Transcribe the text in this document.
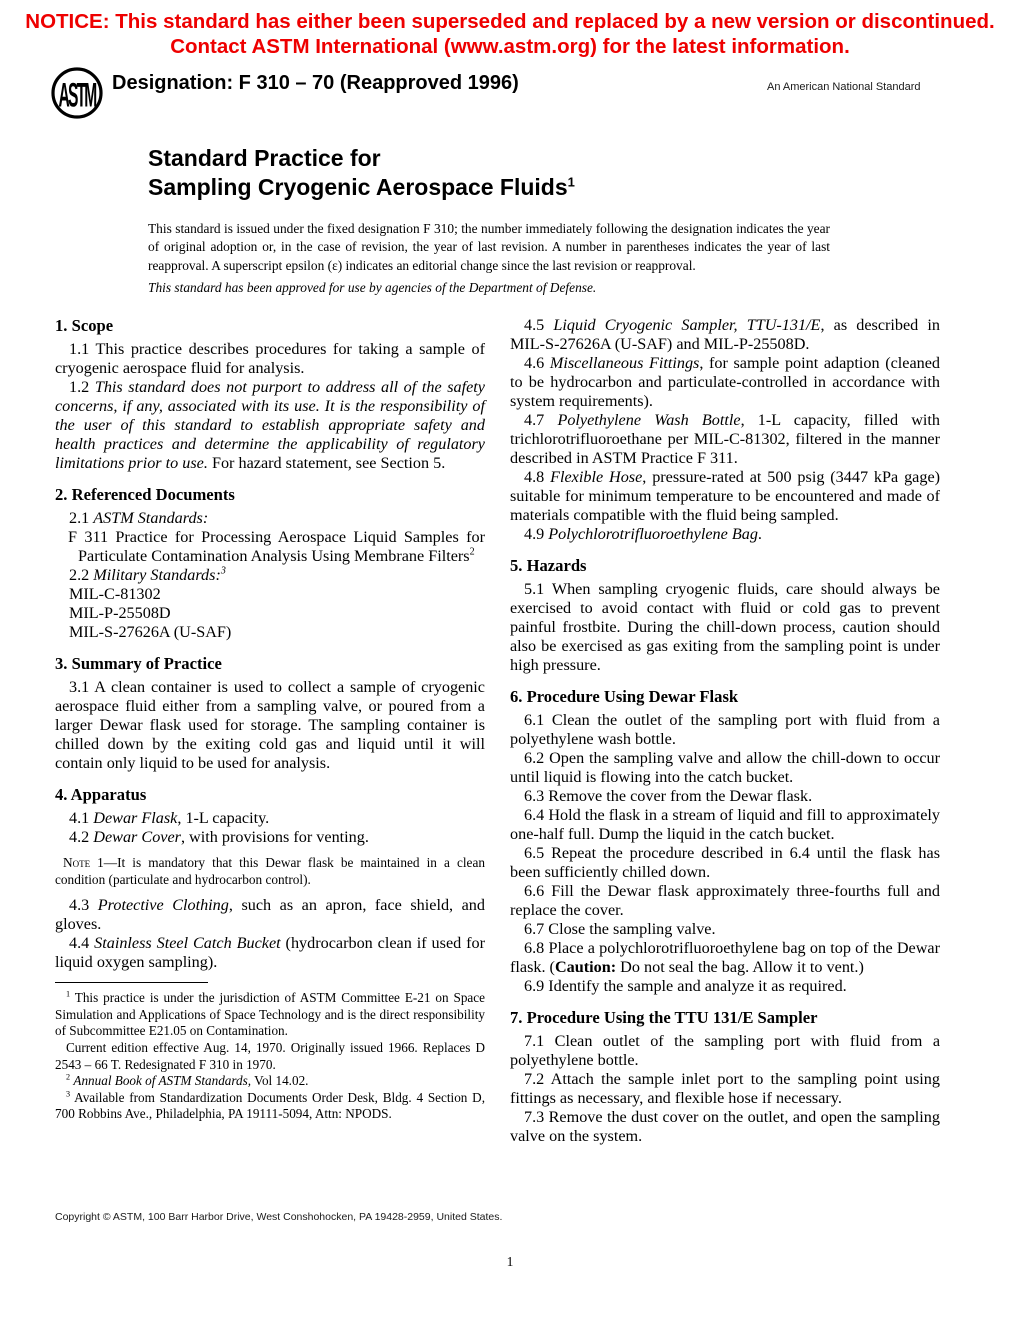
NOTICE: This standard has either been superseded and replaced by a new version or discontinued.
Contact ASTM International (www.astm.org) for the latest information.
ASTM Designation: F 310 – 70 (Reapproved 1996)	An American National Standard
Standard Practice for
Sampling Cryogenic Aerospace Fluids$^1$
This standard is issued under the fixed designation F 310; the number immediately following the designation indicates the year of original adoption or, in the case of revision, the year of last revision. A number in parentheses indicates the year of last reapproval. A superscript epsilon (ε) indicates an editorial change since the last revision or reapproval.
This standard has been approved for use by agencies of the Department of Defense.
1. Scope

1.1 This practice describes procedures for taking a sample of cryogenic aerospace fluid for analysis.

1.2 This standard does not purport to address all of the safety concerns, if any, associated with its use. It is the responsibility of the user of this standard to establish appropriate safety and health practices and determine the applicability of regulatory limitations prior to use. For hazard statement, see Section 5.

2. Referenced Documents

2.1 ASTM Standards:

F 311 Practice for Processing Aerospace Liquid Samples for Particulate Contamination Analysis Using Membrane Filters$^2$

2.2 Military Standards:$^3$

MIL-C-81302

MIL-P-25508D

MIL-S-27626A (U-SAF)

3. Summary of Practice

3.1 A clean container is used to collect a sample of cryogenic aerospace fluid either from a sampling valve, or poured from a larger Dewar flask used for storage. The sampling container is chilled down by the exiting cold gas and liquid until it will contain only liquid to be used for analysis.

4. Apparatus

4.1 Dewar Flask, 1-L capacity.

4.2 Dewar Cover, with provisions for venting.

Note 1—It is mandatory that this Dewar flask be maintained in a clean condition (particulate and hydrocarbon control).

4.3 Protective Clothing, such as an apron, face shield, and gloves.

4.4 Stainless Steel Catch Bucket (hydrocarbon clean if used for liquid oxygen sampling).

$^1$ This practice is under the jurisdiction of ASTM Committee E-21 on Space Simulation and Applications of Space Technology and is the direct responsibility of Subcommittee E21.05 on Contamination.

Current edition effective Aug. 14, 1970. Originally issued 1966. Replaces D 2543 – 66 T. Redesignated F 310 in 1970.

$^2$ Annual Book of ASTM Standards, Vol 14.02.

$^3$ Available from Standardization Documents Order Desk, Bldg. 4 Section D, 700 Robbins Ave., Philadelphia, PA 19111-5094, Attn: NPODS.

4.5 Liquid Cryogenic Sampler, TTU-131/E, as described in MIL-S-27626A (U-SAF) and MIL-P-25508D.

4.6 Miscellaneous Fittings, for sample point adaption (cleaned to be hydrocarbon and particulate-controlled in accordance with system requirements).

4.7 Polyethylene Wash Bottle, 1-L capacity, filled with trichlorotrifluoroethane per MIL-C-81302, filtered in the manner described in ASTM Practice F 311.

4.8 Flexible Hose, pressure-rated at 500 psig (3447 kPa gage) suitable for minimum temperature to be encountered and made of materials compatible with the fluid being sampled.

4.9 Polychlorotrifluoroethylene Bag.

5. Hazards

5.1 When sampling cryogenic fluids, care should always be exercised to avoid contact with fluid or cold gas to prevent painful frostbite. During the chill-down process, caution should also be exercised as gas exiting from the sampling point is under high pressure.

6. Procedure Using Dewar Flask

6.1 Clean the outlet of the sampling port with fluid from a polyethylene wash bottle.

6.2 Open the sampling valve and allow the chill-down to occur until liquid is flowing into the catch bucket.

6.3 Remove the cover from the Dewar flask.

6.4 Hold the flask in a stream of liquid and fill to approximately one-half full. Dump the liquid in the catch bucket.

6.5 Repeat the procedure described in 6.4 until the flask has been sufficiently chilled down.

6.6 Fill the Dewar flask approximately three-fourths full and replace the cover.

6.7 Close the sampling valve.

6.8 Place a polychlorotrifluoroethylene bag on top of the Dewar flask. (Caution: Do not seal the bag. Allow it to vent.)

6.9 Identify the sample and analyze it as required.

7. Procedure Using the TTU 131/E Sampler

7.1 Clean outlet of the sampling port with fluid from a polyethylene bottle.

7.2 Attach the sample inlet port to the sampling point using fittings as necessary, and flexible hose if necessary.

7.3 Remove the dust cover on the outlet, and open the sampling valve on the system.

Copyright © ASTM, 100 Barr Harbor Drive, West Conshohocken, PA 19428-2959, United States.
1
